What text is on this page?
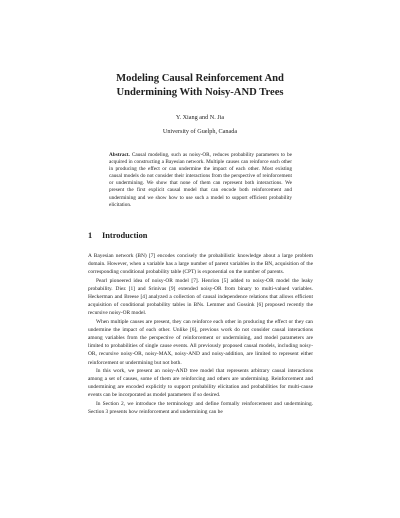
Modeling Causal Reinforcement And
Undermining With Noisy-AND Trees
Y. Xiang and N. Jia
University of Guelph, Canada

Abstract. Causal modeling, such as noisy-OR, reduces probability parameters to be acquired in constructing a Bayesian network. Multiple causes can reinforce each other in producing the effect or can undermine the impact of each other. Most existing causal models do not consider their interactions from the perspective of reinforcement or undermining. We show that none of them can represent both interactions. We present the first explicit causal model that can encode both reinforcement and undermining and we show how to use such a model to support efficient probability elicitation.

1 Introduction

A Bayesian network (BN) [7] encodes concisely the probabilistic knowledge about a large problem domain. However, when a variable has a large number of parent variables in the BN, acquisition of the corresponding conditional probability table (CPT) is exponential on the number of parents.

Pearl pioneered idea of noisy-OR model [7]. Henrion [5] added to noisy-OR model the leaky probability. Diez [1] and Srinivas [9] extended noisy-OR from binary to multi-valued variables. Heckerman and Breese [4] analyzed a collection of causal independence relations that allows efficient acquisition of conditional probability tables in BNs. Lemmer and Gossink [6] proposed recently the recursive noisy-OR model.

When multiple causes are present, they can reinforce each other in producing the effect or they can undermine the impact of each other. Unlike [6], previous work do not consider causal interactions among variables from the perspective of reinforcement or undermining, and model parameters are limited to probabilities of single cause events. All previously proposed causal models, including noisy-OR, recursive noisy-OR, noisy-MAX, noisy-AND and noisy-addition, are limited to represent either reinforcement or undermining but not both.

In this work, we present an noisy-AND tree model that represents arbitrary causal interactions among a set of causes, some of them are reinforcing and others are undermining. Reinforcement and undermining are encoded explicitly to support probability elicitation and probabilities for multi-cause events can be incorporated as model parameters if so desired.

In Section 2, we introduce the terminology and define formally reinforcement and undermining. Section 3 presents how reinforcement and undermining can be
